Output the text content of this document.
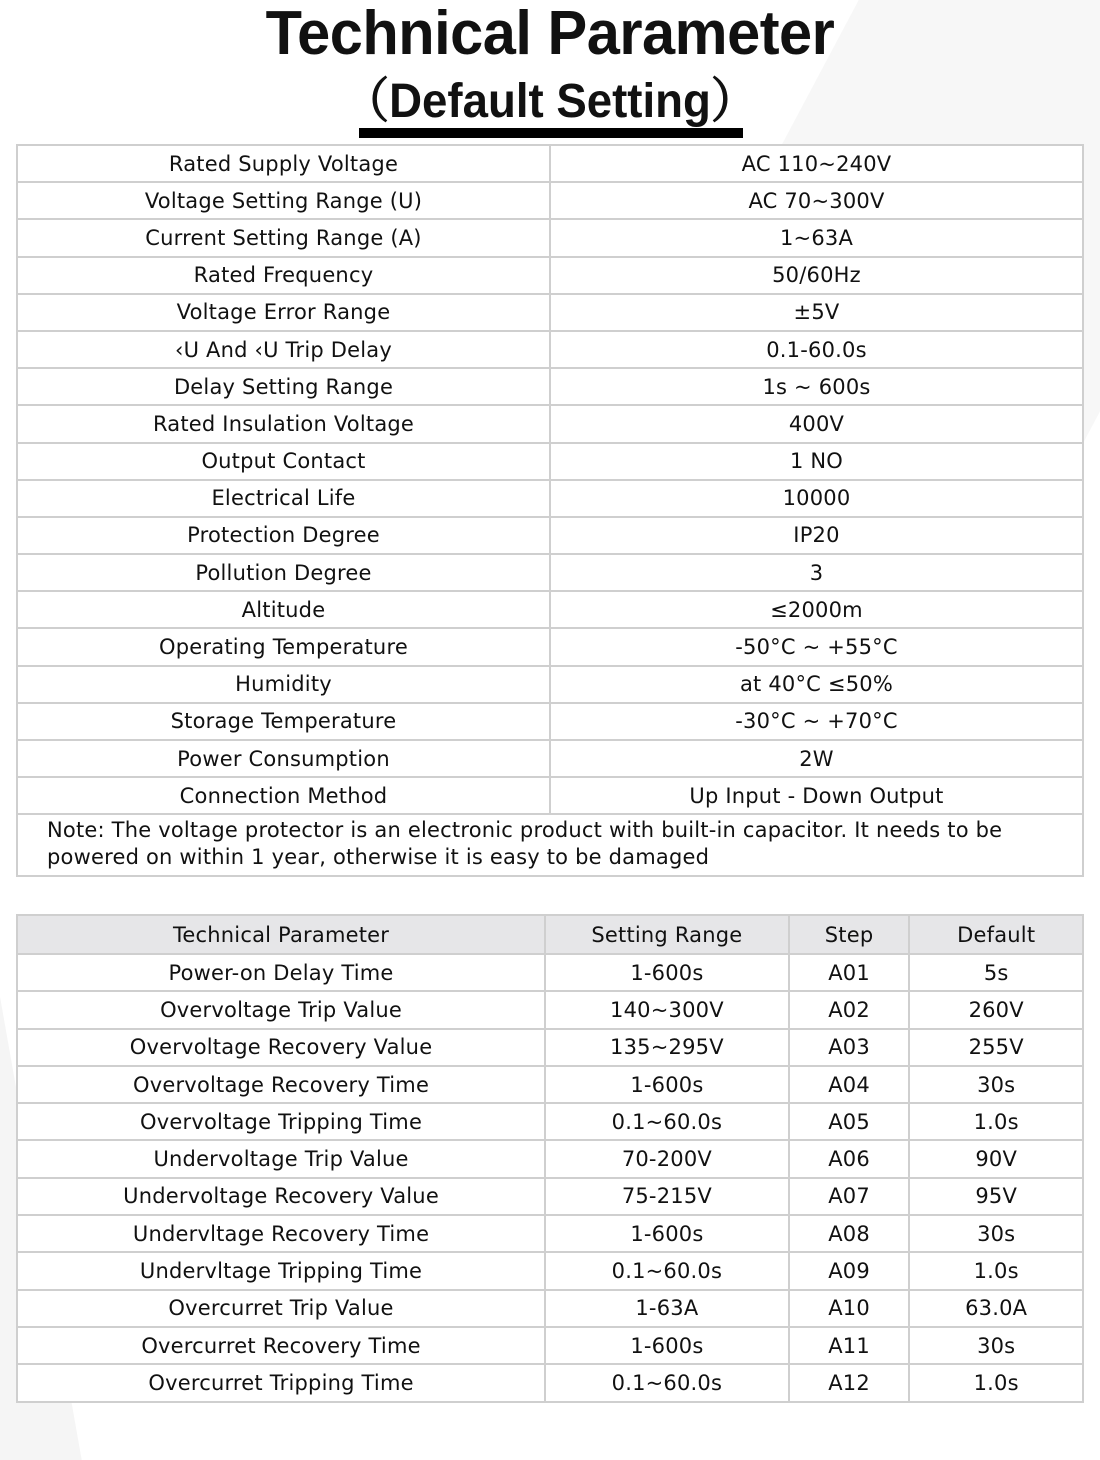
Technical Parameter
（Default Setting）
Rated Supply Voltage	AC 110~240V
Voltage Setting Range (U)	AC 70~300V
Current Setting Range (A)	1~63A
Rated Frequency	50/60Hz
Voltage Error Range	±5V
‹U And ‹U Trip Delay	0.1-60.0s
Delay Setting Range	1s ~ 600s
Rated Insulation Voltage	400V
Output Contact	1 NO
Electrical Life	10000
Protection Degree	IP20
Pollution Degree	3
Altitude	≤2000m
Operating Temperature	-50°C ~ +55°C
Humidity	at 40°C ≤50%
Storage Temperature	-30°C ~ +70°C
Power Consumption	2W
Connection Method	Up Input - Down Output
Note: The voltage protector is an electronic product with built-in capacitor. It needs to be powered on within 1 year, otherwise it is easy to be damaged	
Technical Parameter	Setting Range	Step	Default
Power-on Delay Time	1-600s	A01	5s
Overvoltage Trip Value	140~300V	A02	260V
Overvoltage Recovery Value	135~295V	A03	255V
Overvoltage Recovery Time	1-600s	A04	30s
Overvoltage Tripping Time	0.1~60.0s	A05	1.0s
Undervoltage Trip Value	70-200V	A06	90V
Undervoltage Recovery Value	75-215V	A07	95V
Undervltage Recovery Time	1-600s	A08	30s
Undervltage Tripping Time	0.1~60.0s	A09	1.0s
Overcurret Trip Value	1-63A	A10	63.0A
Overcurret Recovery Time	1-600s	A11	30s
Overcurret Tripping Time	0.1~60.0s	A12	1.0s
